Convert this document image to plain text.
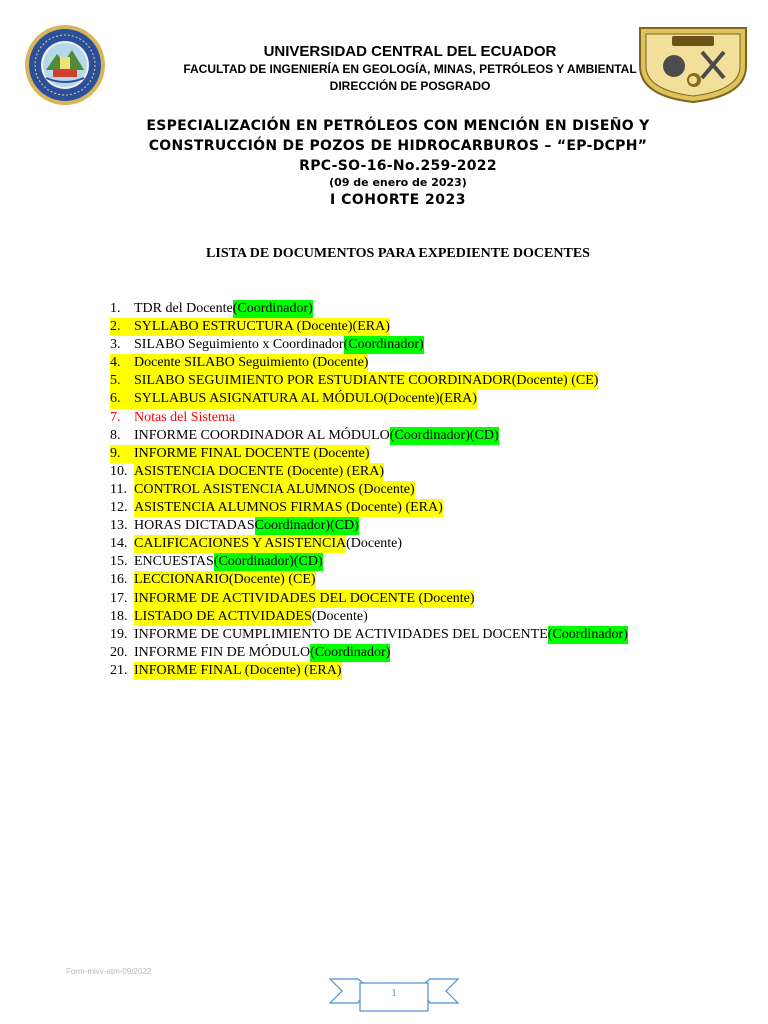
UNIVERSIDAD CENTRAL DEL ECUADOR
FACULTAD DE INGENIERÍA EN GEOLOGÍA, MINAS, PETRÓLEOS Y AMBIENTAL
DIRECCIÓN DE POSGRADO
ESPECIALIZACIÓN EN PETRÓLEOS CON MENCIÓN EN DISEÑO Y
CONSTRUCCIÓN DE POZOS DE HIDROCARBUROS – “EP-DCPH”
RPC-SO-16-No.259-2022
(09 de enero de 2023)
I COHORTE 2023
LISTA DE DOCUMENTOS PARA EXPEDIENTE DOCENTES
1. TDR del Docente (Coordinador)
2. SYLLABO ESTRUCTURA (Docente)(ERA)
3. SILABO Seguimiento x Coordinador (Coordinador)
4. Docente SILABO Seguimiento (Docente)
5. SILABO SEGUIMIENTO POR ESTUDIANTE COORDINADOR(Docente) (CE)
6. SYLLABUS ASIGNATURA AL MÓDULO(Docente)(ERA)
7. Notas del Sistema
8. INFORME COORDINADOR AL MÓDULO (Coordinador)(CD)
9. INFORME FINAL DOCENTE (Docente)
10. ASISTENCIA DOCENTE (Docente) (ERA)
11. CONTROL ASISTENCIA ALUMNOS (Docente)
12. ASISTENCIA ALUMNOS FIRMAS (Docente) (ERA)
13. HORAS DICTADAS Coordinador)(CD)
14. CALIFICACIONES Y ASISTENCIA (Docente)
15. ENCUESTAS (Coordinador)(CD)
16. LECCIONARIO(Docente) (CE)
17. INFORME DE ACTIVIDADES DEL DOCENTE (Docente)
18. LISTADO DE ACTIVIDADES (Docente)
19. INFORME DE CUMPLIMIENTO DE ACTIVIDADES DEL DOCENTE (Coordinador)
20. INFORME FIN DE MÓDULO (Coordinador)
21. INFORME FINAL (Docente) (ERA)
Form-mivv-atm-09/2022
1
